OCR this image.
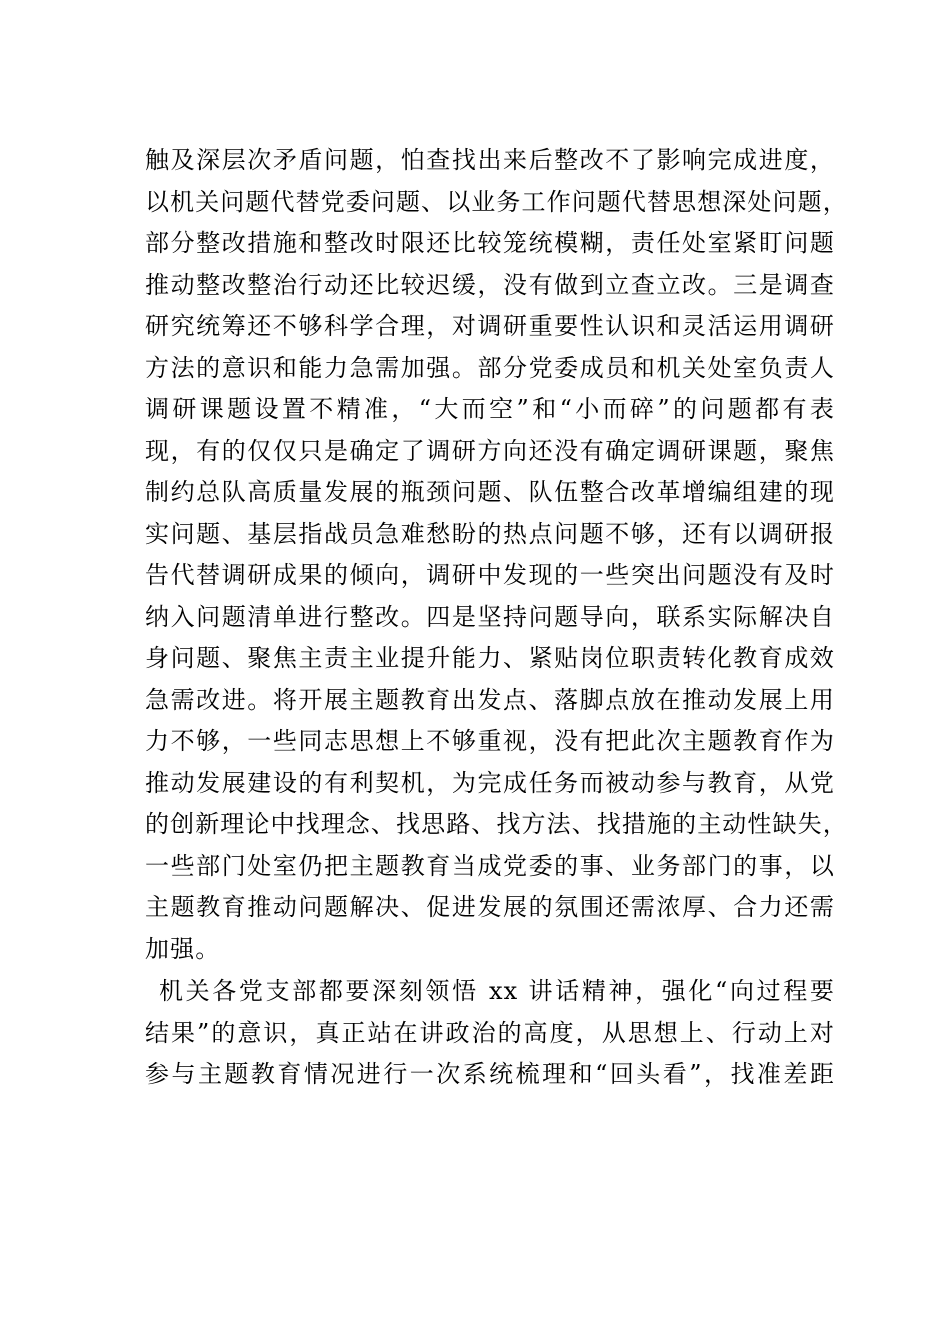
触及深层次矛盾问题，怕查找出来后整改不了影响完成进度，
以机关问题代替党委问题、以业务工作问题代替思想深处问题，
部分整改措施和整改时限还比较笼统模糊，责任处室紧盯问题
推动整改整治行动还比较迟缓，没有做到立查立改。三是调查
研究统筹还不够科学合理，对调研重要性认识和灵活运用调研
方法的意识和能力急需加强。部分党委成员和机关处室负责人
调研课题设置不精准，“大而空”和“小而碎”的问题都有表
现，有的仅仅只是确定了调研方向还没有确定调研课题，聚焦
制约总队高质量发展的瓶颈问题、队伍整合改革增编组建的现
实问题、基层指战员急难愁盼的热点问题不够，还有以调研报
告代替调研成果的倾向，调研中发现的一些突出问题没有及时
纳入问题清单进行整改。四是坚持问题导向，联系实际解决自
身问题、聚焦主责主业提升能力、紧贴岗位职责转化教育成效
急需改进。将开展主题教育出发点、落脚点放在推动发展上用
力不够，一些同志思想上不够重视，没有把此次主题教育作为
推动发展建设的有利契机，为完成任务而被动参与教育，从党
的创新理论中找理念、找思路、找方法、找措施的主动性缺失，
一些部门处室仍把主题教育当成党委的事、业务部门的事，以
主题教育推动问题解决、促进发展的氛围还需浓厚、合力还需
加强。
机关各党支部都要深刻领悟 xx 讲话精神，强化“向过程要
结果”的意识，真正站在讲政治的高度，从思想上、行动上对
参与主题教育情况进行一次系统梳理和“回头看”，找准差距
